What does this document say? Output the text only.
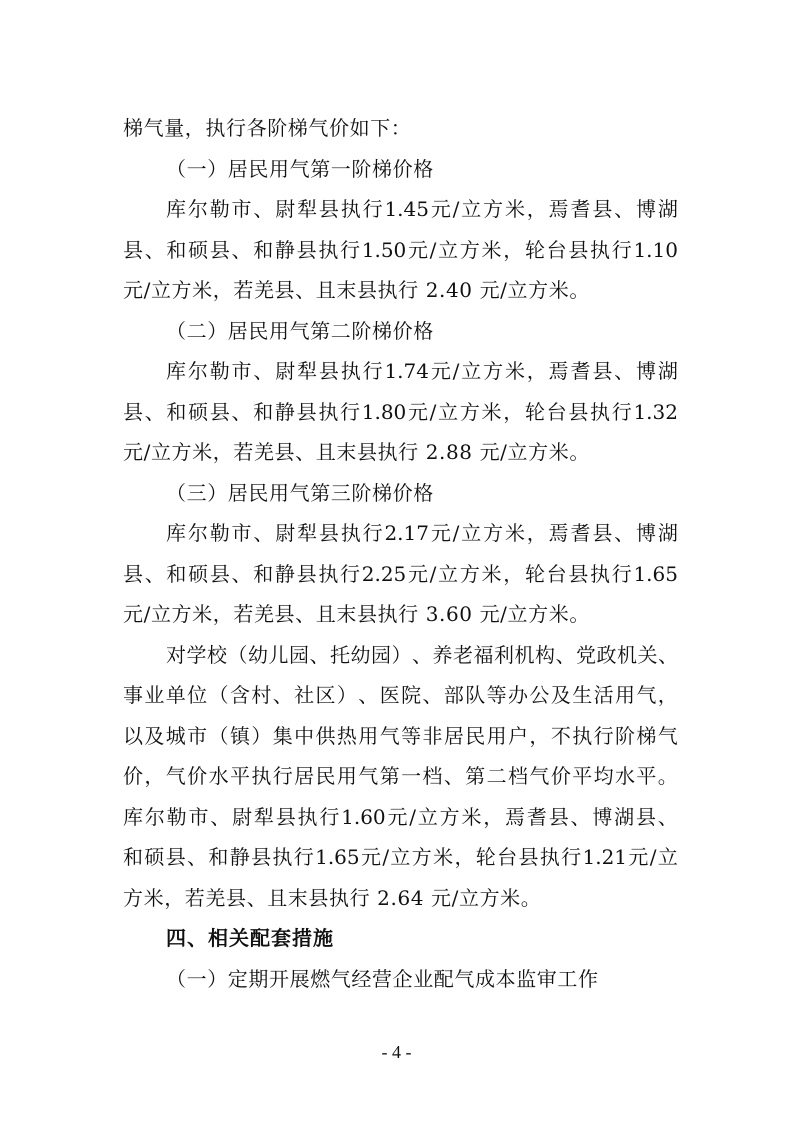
梯气量，执行各阶梯气价如下：
（一）居民用气第一阶梯价格
库 尔 勒 市 、 尉 犁 县 执 行 1.45 元 / 立 方 米 ， 焉 耆 县 、 博 湖
县 、 和 硕 县 、 和 静 县 执 行 1.50 元 / 立 方 米 ， 轮 台 县 执 行 1.10
元/立方米，若羌县、且末县执行 2.40 元/立方米。
（二）居民用气第二阶梯价格
库 尔 勒 市 、 尉 犁 县 执 行 1.74 元 / 立 方 米 ， 焉 耆 县 、 博 湖
县 、 和 硕 县 、 和 静 县 执 行 1.80 元 / 立 方 米 ， 轮 台 县 执 行 1.32
元/立方米，若羌县、且末县执行 2.88 元/立方米。
（三）居民用气第三阶梯价格
库 尔 勒 市 、 尉 犁 县 执 行 2.17 元 / 立 方 米 ， 焉 耆 县 、 博 湖
县 、 和 硕 县 、 和 静 县 执 行 2.25 元 / 立 方 米 ， 轮 台 县 执 行 1.65
元/立方米，若羌县、且末县执行 3.60 元/立方米。
对 学 校 （ 幼 儿 园 、 托 幼 园 ） 、 养 老 福 利 机 构 、 党 政 机 关 、
事 业 单 位 （ 含 村 、 社 区 ） 、 医 院 、 部 队 等 办 公 及 生 活 用 气 ，
以 及 城 市 （ 镇 ） 集 中 供 热 用 气 等 非 居 民 用 户 ， 不 执 行 阶 梯 气
价 ， 气 价 水 平 执 行 居 民 用 气 第 一 档 、 第 二 档 气 价 平 均 水 平 。
库 尔 勒 市 、 尉 犁 县 执 行 1.60 元 / 立 方 米 ， 焉 耆 县 、 博 湖 县 、
和 硕 县 、 和 静 县 执 行 1.65 元 / 立 方 米 ， 轮 台 县 执 行 1.21 元 / 立
方米，若羌县、且末县执行 2.64 元/立方米。
四、相关配套措施
（一）定期开展燃气经营企业配气成本监审工作
- 4 -
